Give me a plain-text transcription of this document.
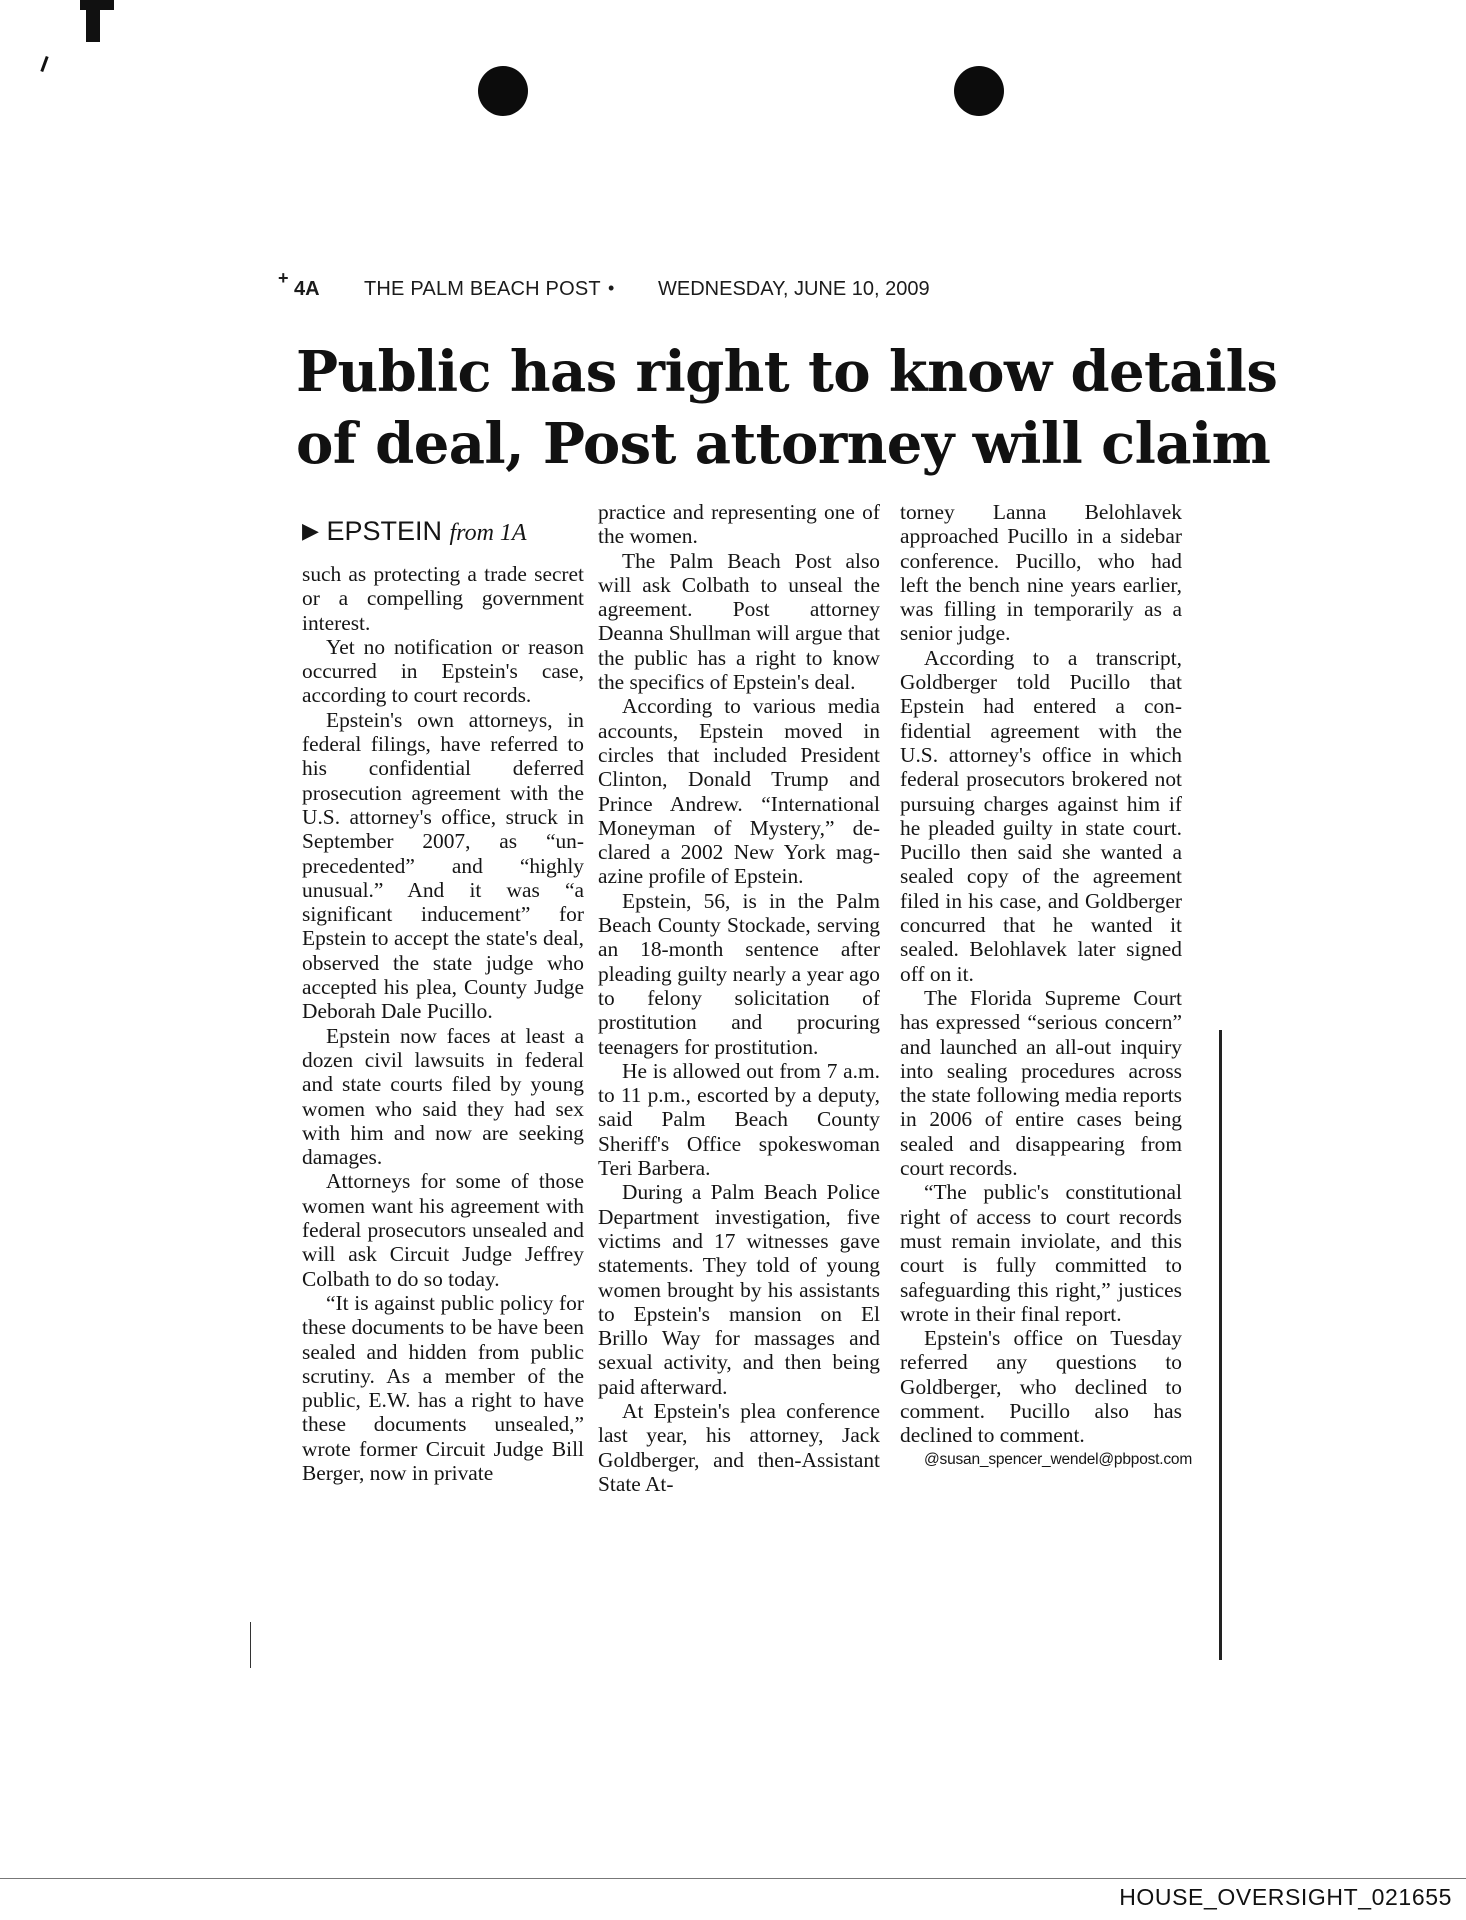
+ 4A THE PALM BEACH POST • WEDNESDAY, JUNE 10, 2009
Public has right to know details
of deal, Post attorney will claim
▶ EPSTEIN from 1A

such as protecting a trade secret or a compelling government interest.

Yet no notification or reason occurred in Epstein's case, according to court records.

Epstein's own attorneys, in federal filings, have referred to his confidential deferred prosecution agreement with the U.S. attorney's office, struck in September 2007, as “unprecedented” and “highly unusual.” And it was “a significant inducement” for Epstein to accept the state's deal, observed the state judge who accepted his plea, County Judge Deborah Dale Pucillo.

Epstein now faces at least a dozen civil lawsuits in federal and state courts filed by young women who said they had sex with him and now are seeking damages.

Attorneys for some of those women want his agreement with federal prosecutors unsealed and will ask Circuit Judge Jeffrey Colbath to do so today.

“It is against public policy for these documents to be have been sealed and hidden from public scrutiny. As a member of the public, E.W. has a right to have these documents unsealed,” wrote former Circuit Judge Bill Berger, now in private

practice and representing one of the women.

The Palm Beach Post also will ask Colbath to unseal the agreement. Post attorney Deanna Shullman will argue that the public has a right to know the specifics of Epstein's deal.

According to various media accounts, Epstein moved in circles that included President Clinton, Donald Trump and Prince Andrew. “International Moneyman of Mystery,” declared a 2002 New York magazine profile of Epstein.

Epstein, 56, is in the Palm Beach County Stockade, serving an 18-month sentence after pleading guilty nearly a year ago to felony solicitation of prostitution and procuring teenagers for prostitution.

He is allowed out from 7 a.m. to 11 p.m., escorted by a deputy, said Palm Beach County Sheriff's Office spokeswoman Teri Barbera.

During a Palm Beach Police Department investigation, five victims and 17 witnesses gave statements. They told of young women brought by his assistants to Epstein's mansion on El Brillo Way for massages and sexual activity, and then being paid afterward.

At Epstein's plea conference last year, his attorney, Jack Goldberger, and then-Assistant State At-

torney Lanna Belohlavek approached Pucillo in a sidebar conference. Pucillo, who had left the bench nine years earlier, was filling in temporarily as a senior judge.

According to a transcript, Goldberger told Pucillo that Epstein had entered a confidential agreement with the U.S. attorney's office in which federal prosecutors brokered not pursuing charges against him if he pleaded guilty in state court. Pucillo then said she wanted a sealed copy of the agreement filed in his case, and Goldberger concurred that he wanted it sealed. Belohlavek later signed off on it.

The Florida Supreme Court has expressed “serious concern” and launched an all-out inquiry into sealing procedures across the state following media reports in 2006 of entire cases being sealed and disappearing from court records.

“The public's constitutional right of access to court records must remain inviolate, and this court is fully committed to safeguarding this right,” justices wrote in their final report.

Epstein's office on Tuesday referred any questions to Goldberger, who declined to comment. Pucillo also has declined to comment.

@susan_spencer_wendel@pbpost.com

HOUSE_OVERSIGHT_021655
